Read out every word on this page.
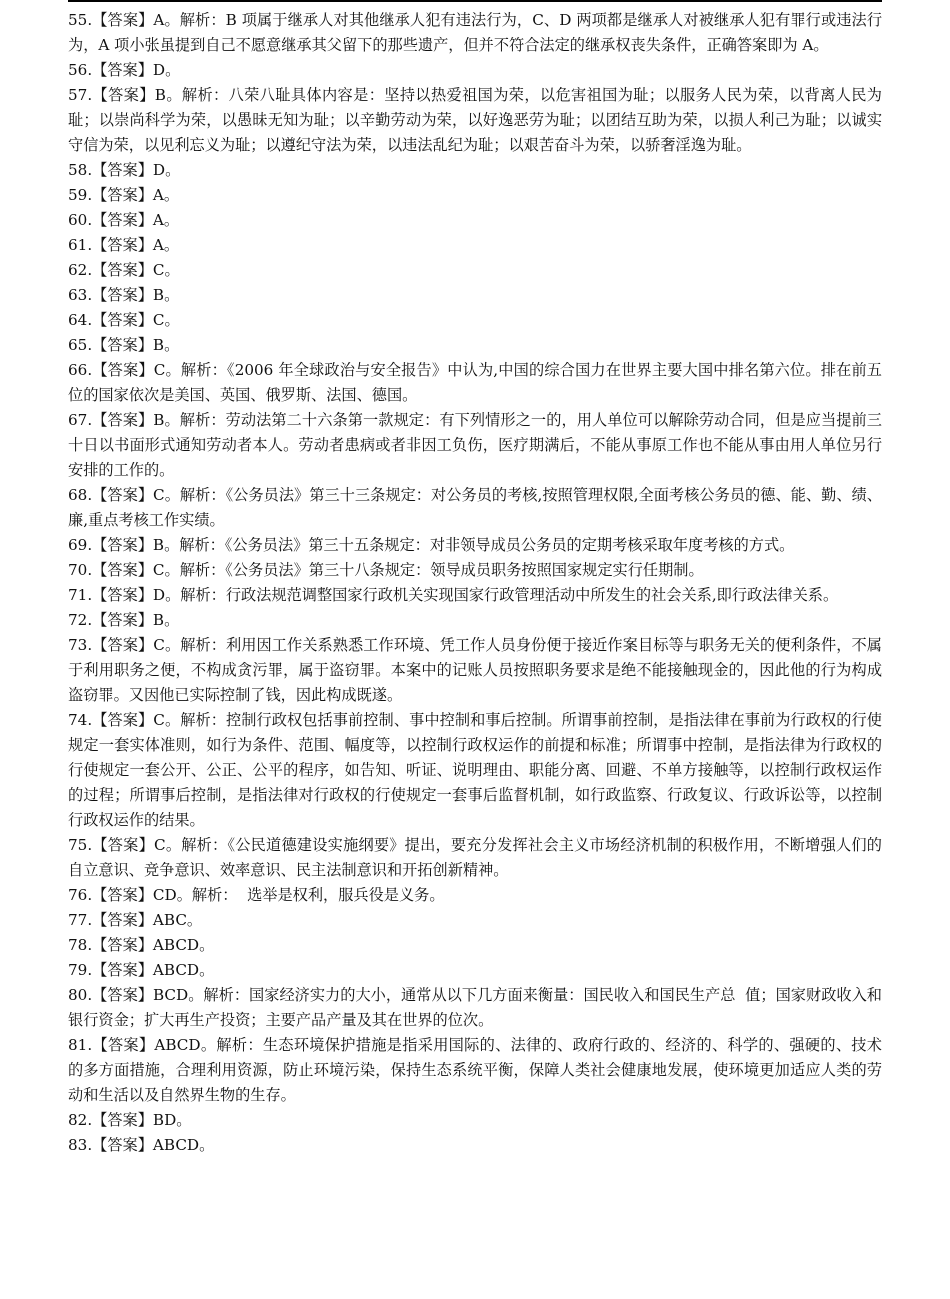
55.【答案】A。解析：B 项属于继承人对其他继承人犯有违法行为，C、D 两项都是继承人对被继承人犯有罪行或违法行为，A 项小张虽提到自己不愿意继承其父留下的那些遗产，但并不符合法定的继承权丧失条件，正确答案即为 A。
56.【答案】D。
57.【答案】B。解析：八荣八耻具体内容是：坚持以热爱祖国为荣，以危害祖国为耻；以服务人民为荣，以背离人民为耻；以崇尚科学为荣，以愚昧无知为耻；以辛勤劳动为荣，以好逸恶劳为耻；以团结互助为荣，以损人利己为耻；以诚实守信为荣，以见利忘义为耻；以遵纪守法为荣，以违法乱纪为耻；以艰苦奋斗为荣，以骄奢淫逸为耻。
58.【答案】D。
59.【答案】A。
60.【答案】A。
61.【答案】A。
62.【答案】C。
63.【答案】B。
64.【答案】C。
65.【答案】B。
66.【答案】C。解析：《2006 年全球政治与安全报告》中认为,中国的综合国力在世界主要大国中排名第六位。排在前五位的国家依次是美国、英国、俄罗斯、法国、德国。
67.【答案】B。解析：劳动法第二十六条第一款规定：有下列情形之一的，用人单位可以解除劳动合同，但是应当提前三十日以书面形式通知劳动者本人。劳动者患病或者非因工负伤，医疗期满后，不能从事原工作也不能从事由用人单位另行安排的工作的。
68.【答案】C。解析：《公务员法》第三十三条规定：对公务员的考核,按照管理权限,全面考核公务员的德、能、勤、绩、廉,重点考核工作实绩。
69.【答案】B。解析：《公务员法》第三十五条规定：对非领导成员公务员的定期考核采取年度考核的方式。
70.【答案】C。解析：《公务员法》第三十八条规定：领导成员职务按照国家规定实行任期制。
71.【答案】D。解析：行政法规范调整国家行政机关实现国家行政管理活动中所发生的社会关系,即行政法律关系。
72.【答案】B。
73.【答案】C。解析：利用因工作关系熟悉工作环境、凭工作人员身份便于接近作案目标等与职务无关的便利条件，不属于利用职务之便，不构成贪污罪，属于盗窃罪。本案中的记账人员按照职务要求是绝不能接触现金的，因此他的行为构成盗窃罪。又因他已实际控制了钱，因此构成既遂。
74.【答案】C。解析：控制行政权包括事前控制、事中控制和事后控制。所谓事前控制，是指法律在事前为行政权的行使规定一套实体准则，如行为条件、范围、幅度等，以控制行政权运作的前提和标准；所谓事中控制，是指法律为行政权的行使规定一套公开、公正、公平的程序，如告知、听证、说明理由、职能分离、回避、不单方接触等，以控制行政权运作的过程；所谓事后控制，是指法律对行政权的行使规定一套事后监督机制，如行政监察、行政复议、行政诉讼等，以控制行政权运作的结果。
75.【答案】C。解析：《公民道德建设实施纲要》提出，要充分发挥社会主义市场经济机制的积极作用，不断增强人们的自立意识、竞争意识、效率意识、民主法制意识和开拓创新精神。
76.【答案】CD。解析：  选举是权利，服兵役是义务。
77.【答案】ABC。
78.【答案】ABCD。
79.【答案】ABCD。
80.【答案】BCD。解析：国家经济实力的大小，通常从以下几方面来衡量：国民收入和国民生产总  值；国家财政收入和银行资金；扩大再生产投资；主要产品产量及其在世界的位次。
81.【答案】ABCD。解析：生态环境保护措施是指采用国际的、法律的、政府行政的、经济的、科学的、强硬的、技术的多方面措施，合理利用资源，防止环境污染，保持生态系统平衡，保障人类社会健康地发展，使环境更加适应人类的劳动和生活以及自然界生物的生存。
82.【答案】BD。
83.【答案】ABCD。
